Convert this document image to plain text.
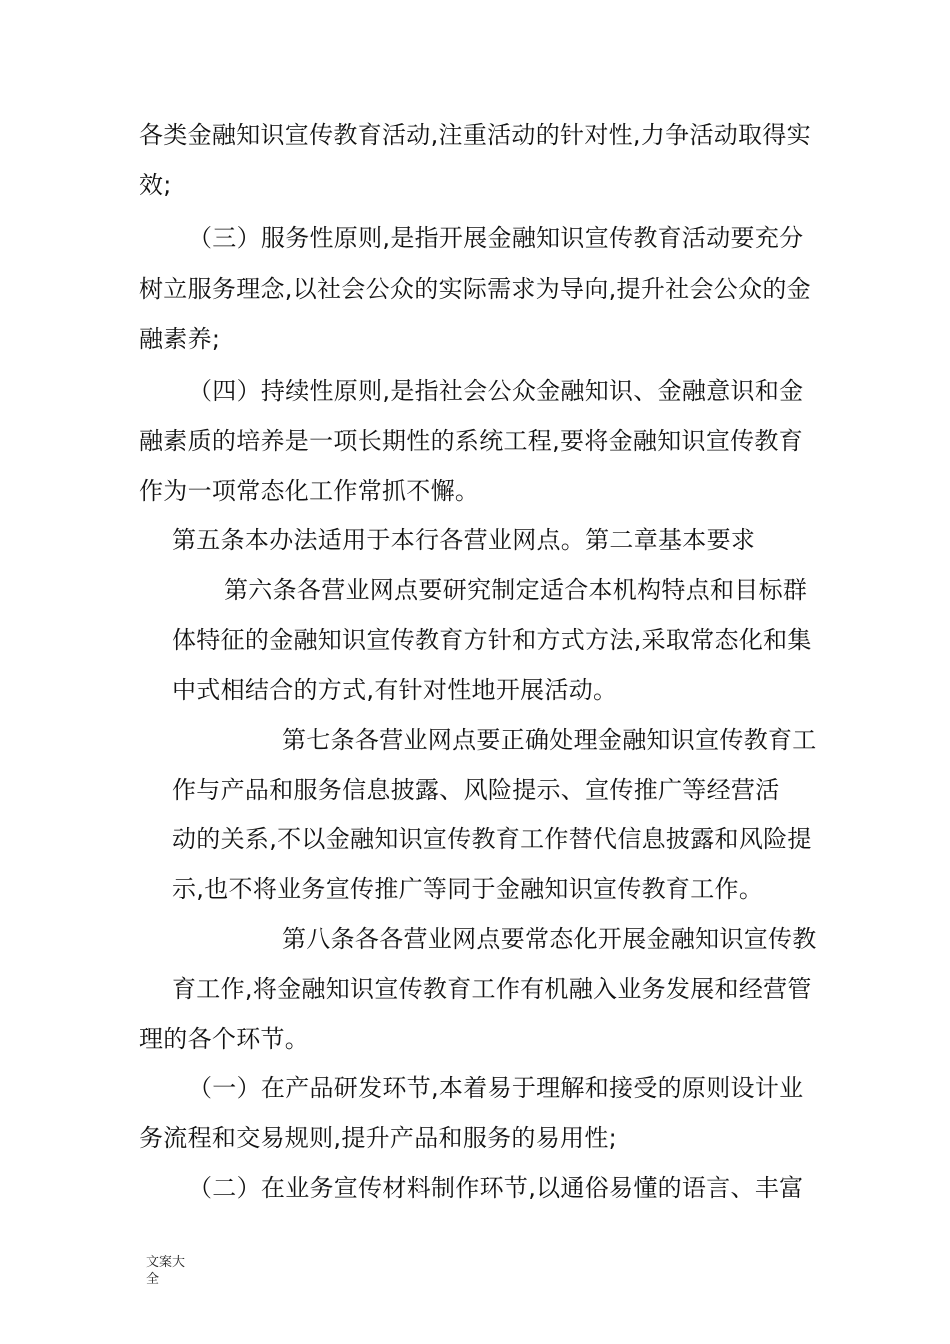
各类金融知识宣传教育活动,注重活动的针对性,力争活动取得实
效;
（三）服务性原则,是指开展金融知识宣传教育活动要充分
树立服务理念,以社会公众的实际需求为导向,提升社会公众的金
融素养;
（四）持续性原则,是指社会公众金融知识、金融意识和金
融素质的培养是一项长期性的系统工程,要将金融知识宣传教育
作为一项常态化工作常抓不懈。
第五条本办法适用于本行各营业网点。第二章基本要求
第六条各营业网点要研究制定适合本机构特点和目标群
体特征的金融知识宣传教育方针和方式方法,采取常态化和集
中式相结合的方式,有针对性地开展活动。
第七条各营业网点要正确处理金融知识宣传教育工
作与产品和服务信息披露、风险提示、宣传推广等经营活
动的关系,不以金融知识宣传教育工作替代信息披露和风险提
示,也不将业务宣传推广等同于金融知识宣传教育工作。
第八条各各营业网点要常态化开展金融知识宣传教
育工作,将金融知识宣传教育工作有机融入业务发展和经营管
理的各个环节。
（一）在产品研发环节,本着易于理解和接受的原则设计业
务流程和交易规则,提升产品和服务的易用性;
（二）在业务宣传材料制作环节,以通俗易懂的语言、丰富
文案大
全
